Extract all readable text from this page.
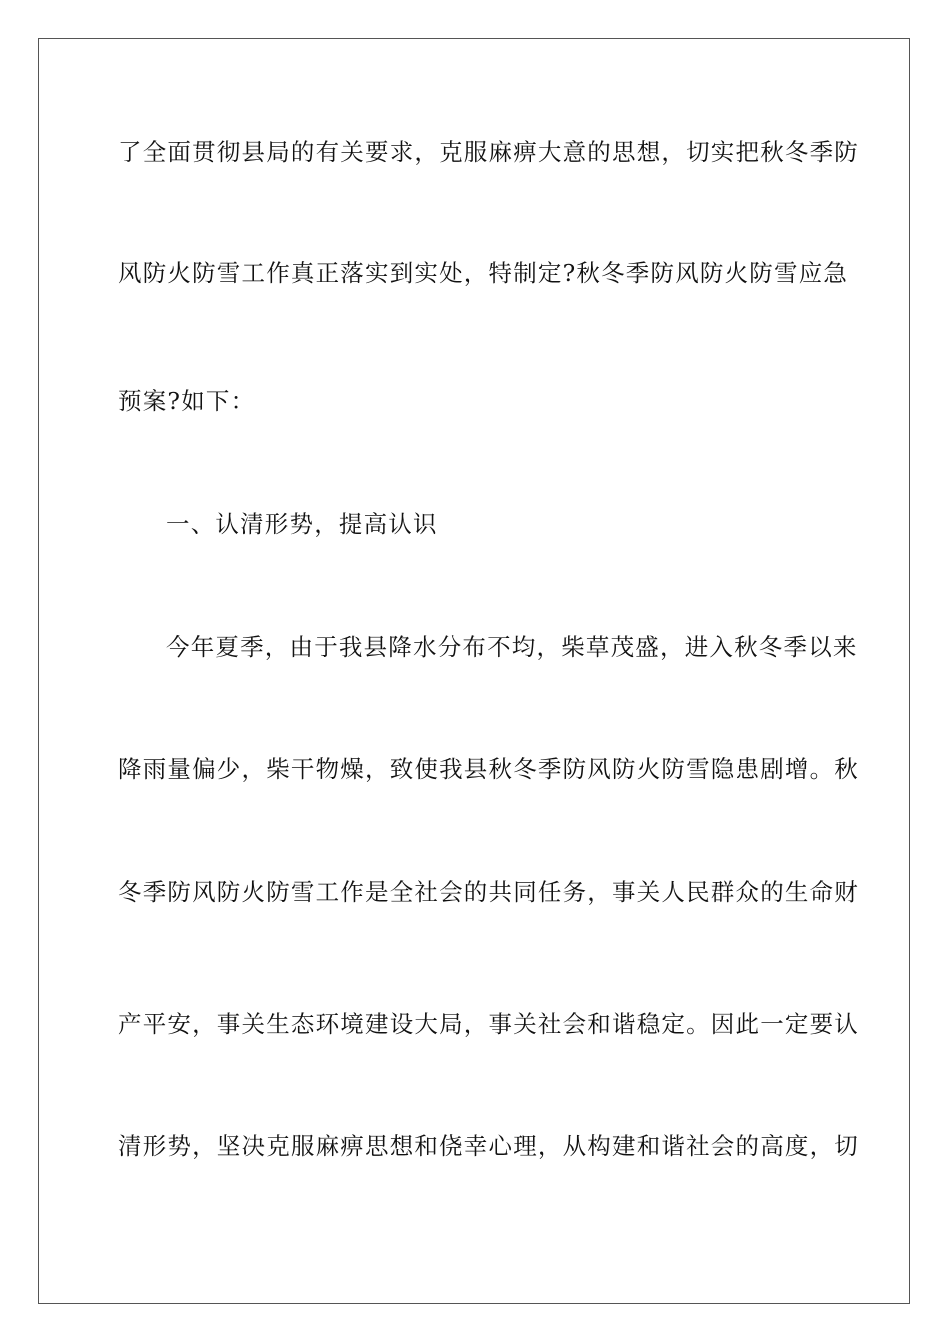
了全面贯彻县局的有关要求，克服麻痹大意的思想，切实把秋冬季防
风防火防雪工作真正落实到实处，特制定?秋冬季防风防火防雪应急
预案?如下：
一、认清形势，提高认识
今年夏季，由于我县降水分布不均，柴草茂盛，进入秋冬季以来
降雨量偏少，柴干物燥，致使我县秋冬季防风防火防雪隐患剧增。秋
冬季防风防火防雪工作是全社会的共同任务，事关人民群众的生命财
产平安，事关生态环境建设大局，事关社会和谐稳定。因此一定要认
清形势，坚决克服麻痹思想和侥幸心理，从构建和谐社会的高度，切
